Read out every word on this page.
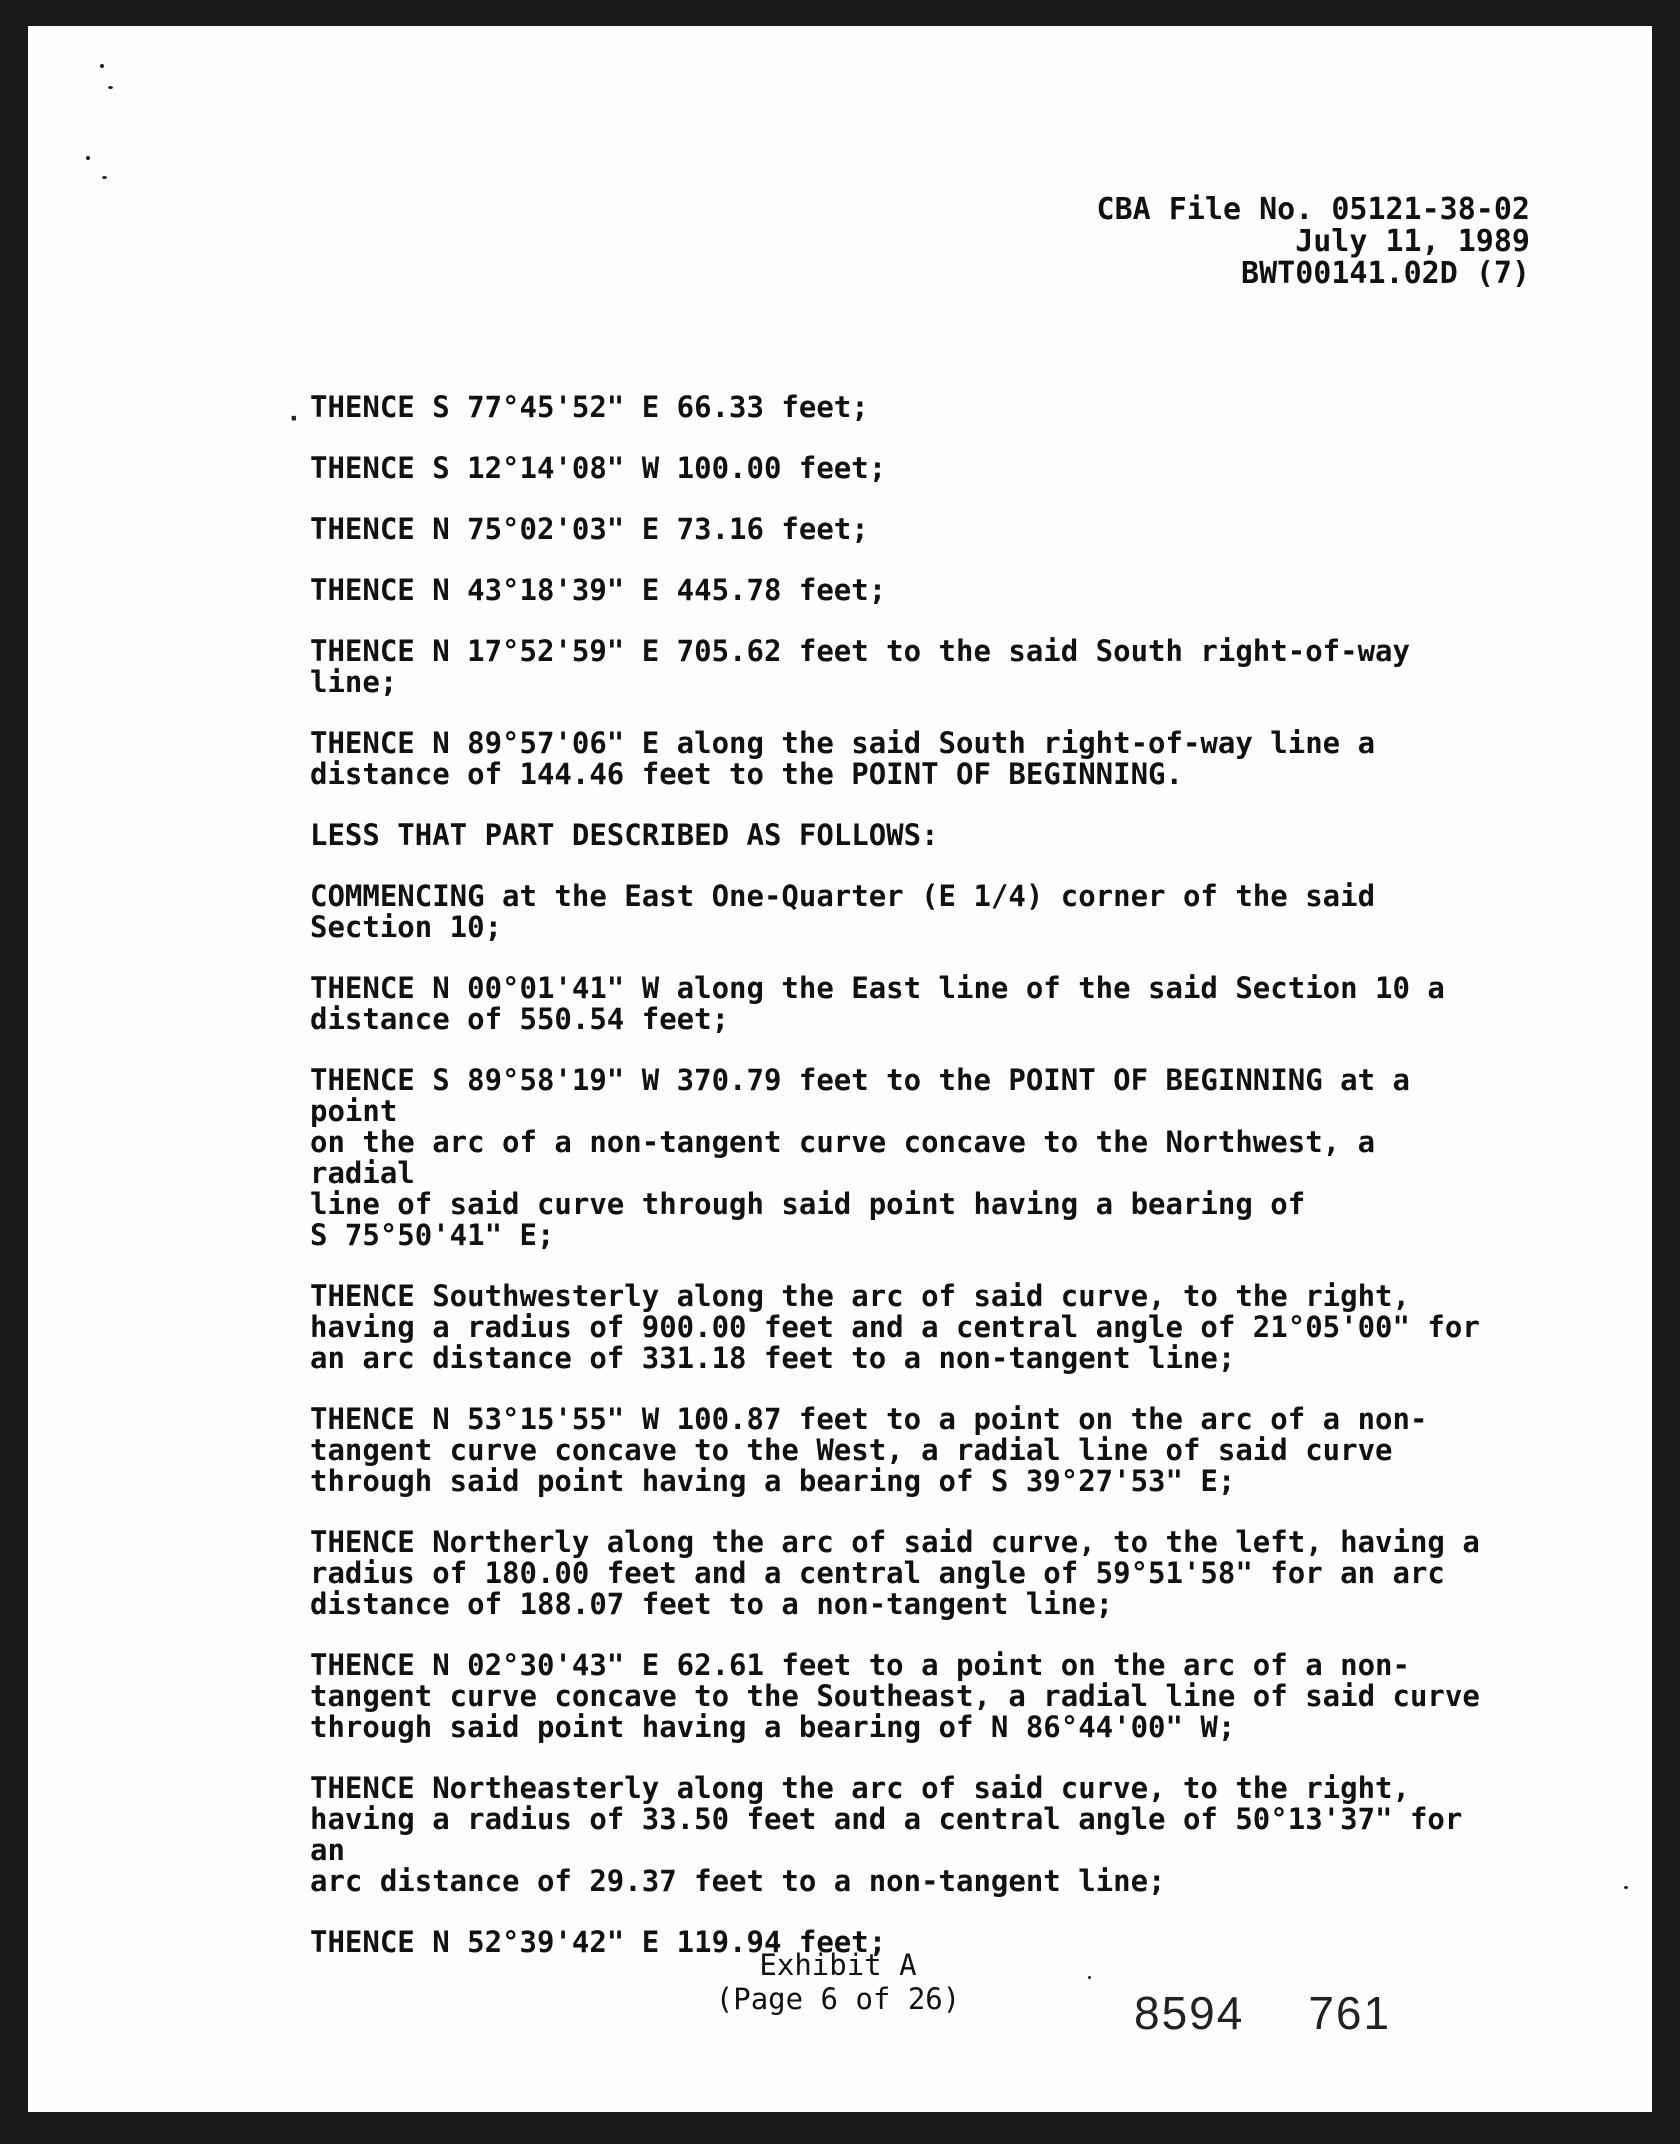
CBA File No. 05121-38-02
July 11, 1989
BWT00141.02D (7)
· THENCE S 77°45'52" E 66.33 feet;

THENCE S 12°14'08" W 100.00 feet;

THENCE N 75°02'03" E 73.16 feet;

THENCE N 43°18'39" E 445.78 feet;

THENCE N 17°52'59" E 705.62 feet to the said South right-of-way line;

THENCE N 89°57'06" E along the said South right-of-way line a
distance of 144.46 feet to the POINT OF BEGINNING.

LESS THAT PART DESCRIBED AS FOLLOWS:

COMMENCING at the East One-Quarter (E 1/4) corner of the said
Section 10;

THENCE N 00°01'41" W along the East line of the said Section 10 a
distance of 550.54 feet;

THENCE S 89°58'19" W 370.79 feet to the POINT OF BEGINNING at a point
on the arc of a non-tangent curve concave to the Northwest, a radial
line of said curve through said point having a bearing of
S 75°50'41" E;

THENCE Southwesterly along the arc of said curve, to the right,
having a radius of 900.00 feet and a central angle of 21°05'00" for
an arc distance of 331.18 feet to a non-tangent line;

THENCE N 53°15'55" W 100.87 feet to a point on the arc of a non-
tangent curve concave to the West, a radial line of said curve
through said point having a bearing of S 39°27'53" E;

THENCE Northerly along the arc of said curve, to the left, having a
radius of 180.00 feet and a central angle of 59°51'58" for an arc
distance of 188.07 feet to a non-tangent line;

THENCE N 02°30'43" E 62.61 feet to a point on the arc of a non-
tangent curve concave to the Southeast, a radial line of said curve
through said point having a bearing of N 86°44'00" W;

THENCE Northeasterly along the arc of said curve, to the right,
having a radius of 33.50 feet and a central angle of 50°13'37" for an
arc distance of 29.37 feet to a non-tangent line;

THENCE N 52°39'42" E 119.94 feet;

Exhibit A
(Page 6 of 26)	8594 761
